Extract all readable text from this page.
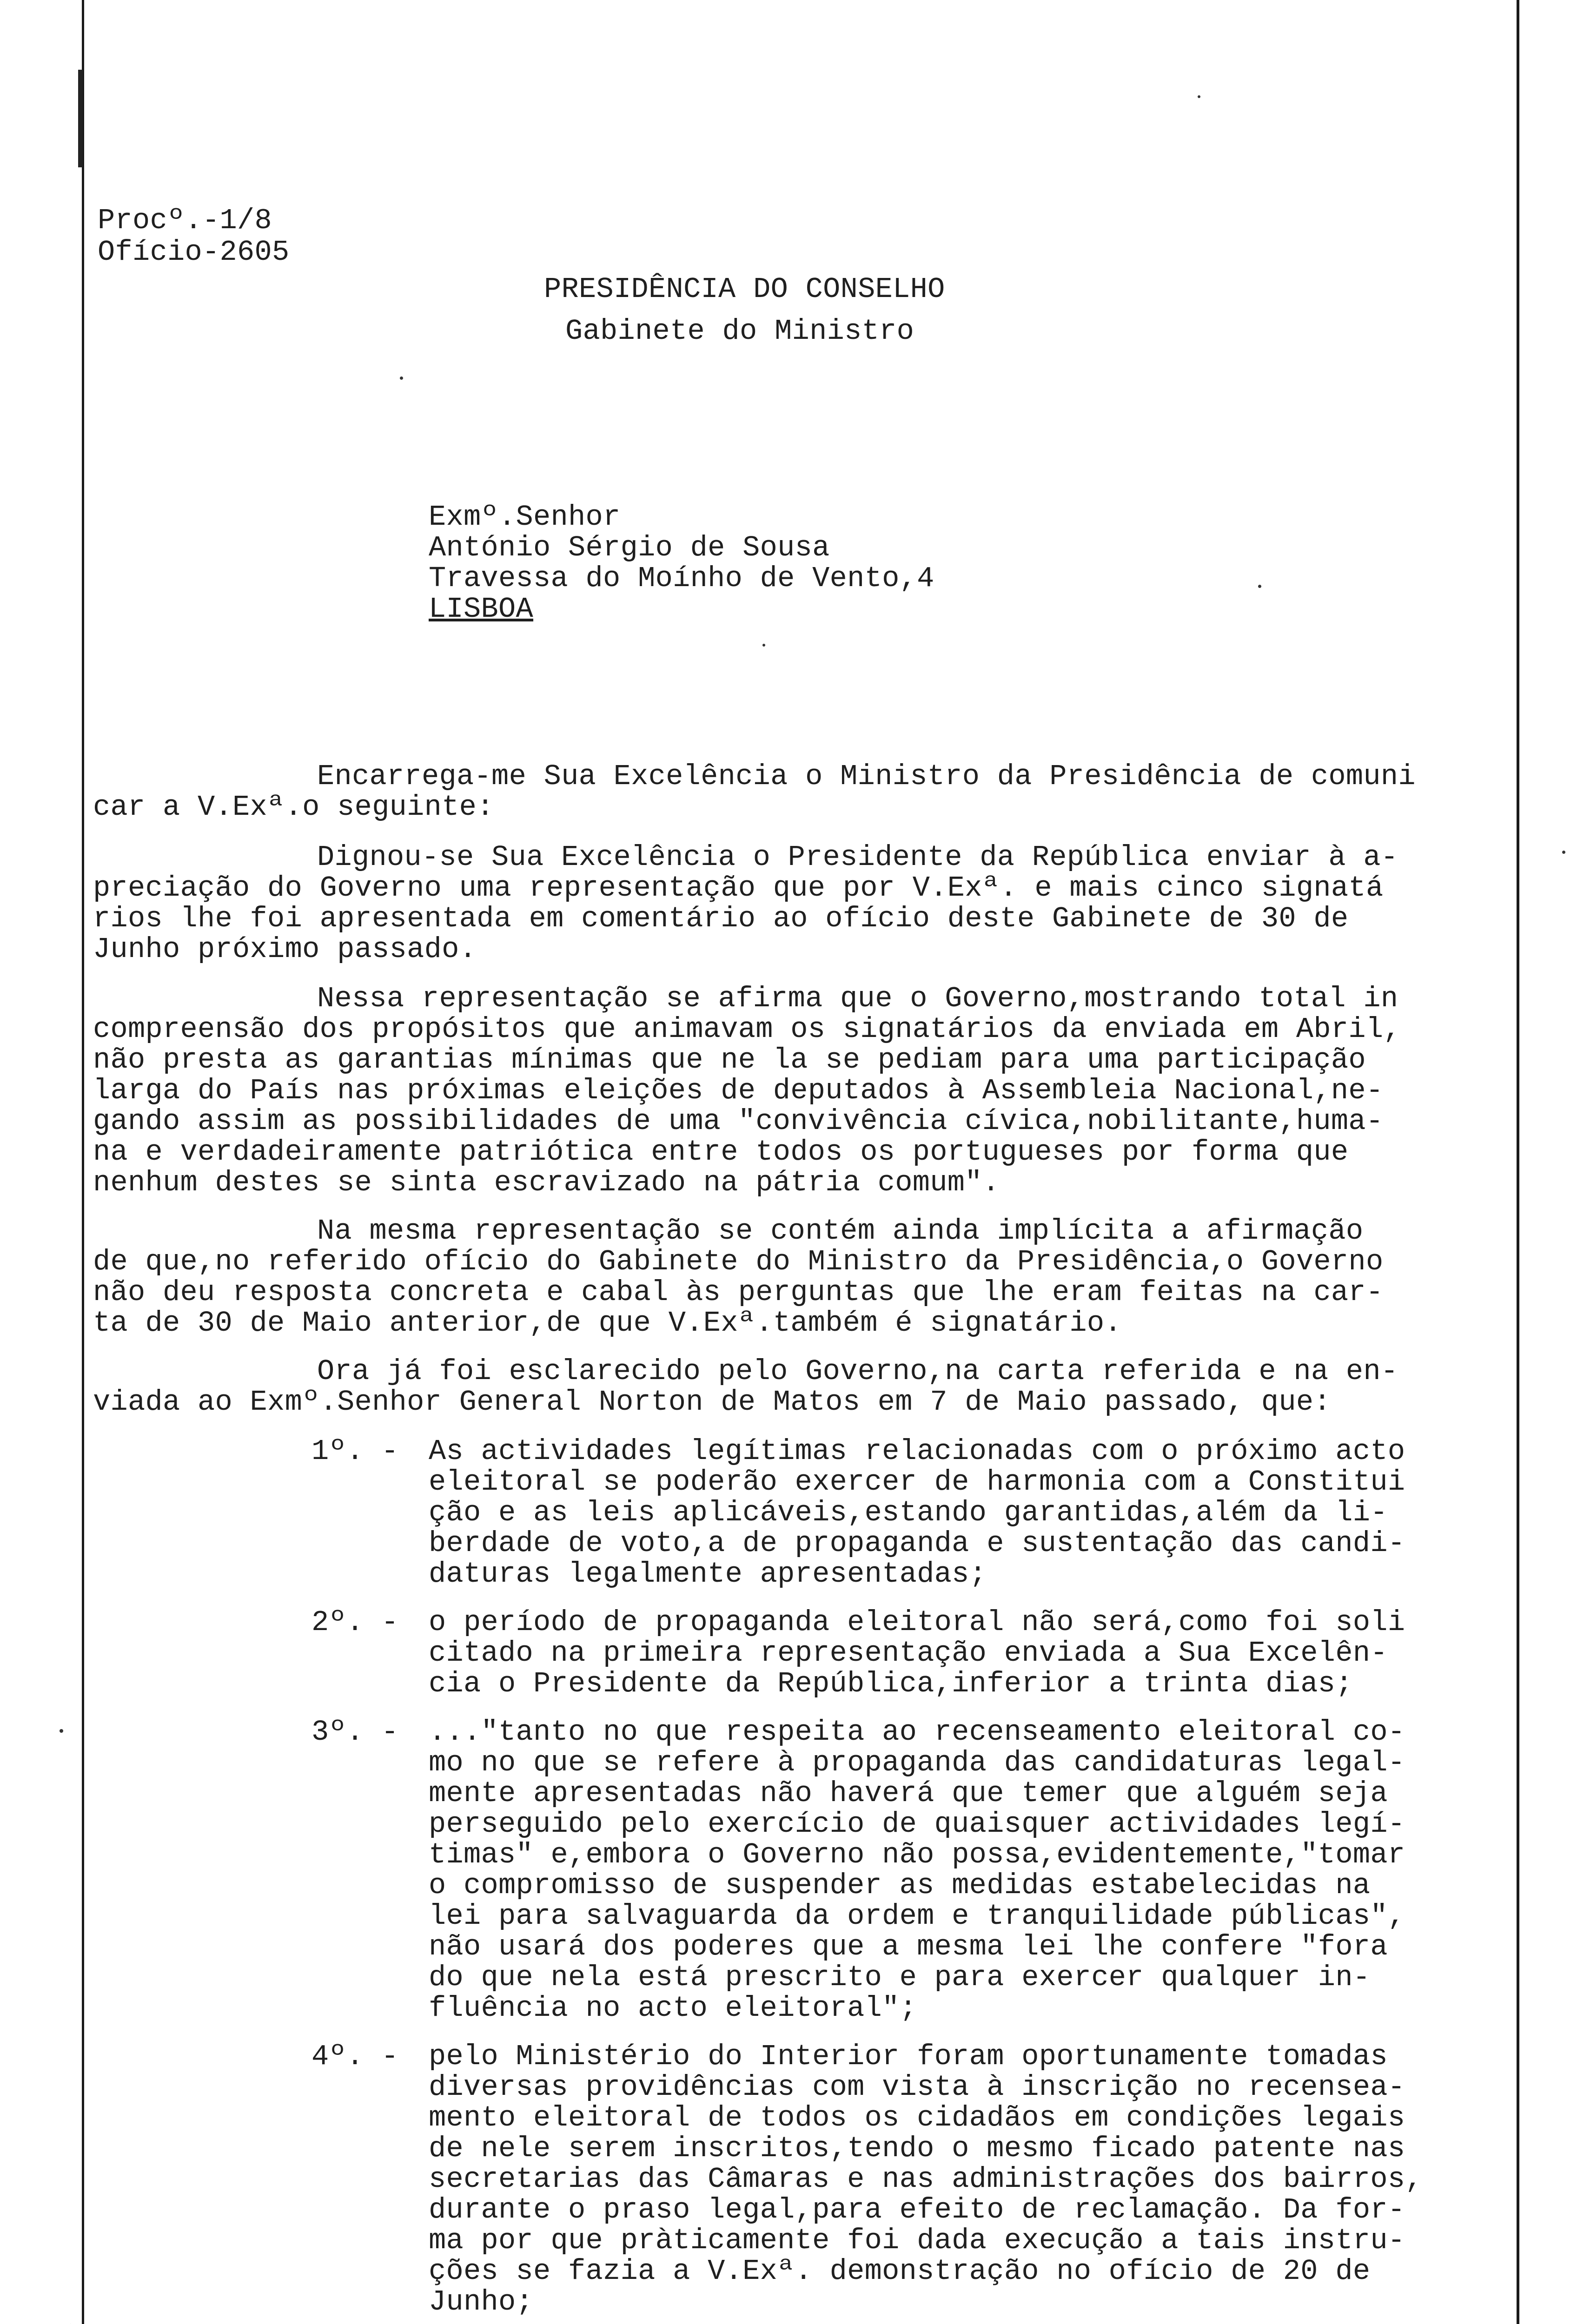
Procº.-1/8
Ofício-2605
PRESIDÊNCIA DO CONSELHO
Gabinete do Ministro
Exmº.Senhor
António Sérgio de Sousa
Travessa do Moínho de Vento,4
LISBOA
Encarrega-me Sua Excelência o Ministro da Presidência de comuni
car a V.Exª.o seguinte:
Dignou-se Sua Excelência o Presidente da República enviar à a-
preciação do Governo uma representação que por V.Exª. e mais cinco signatá
rios lhe foi apresentada em comentário ao ofício deste Gabinete de 30 de
Junho próximo passado.
Nessa representação se afirma que o Governo,mostrando total in
compreensão dos propósitos que animavam os signatários da enviada em Abril,
não presta as garantias mínimas que ne la se pediam para uma participação
larga do País nas próximas eleições de deputados à Assembleia Nacional,ne-
gando assim as possibilidades de uma "convivência cívica,nobilitante,huma-
na e verdadeiramente patriótica entre todos os portugueses por forma que
nenhum destes se sinta escravizado na pátria comum".
Na mesma representação se contém ainda implícita a afirmação
de que,no referido ofício do Gabinete do Ministro da Presidência,o Governo
não deu resposta concreta e cabal às perguntas que lhe eram feitas na car-
ta de 30 de Maio anterior,de que V.Exª.também é signatário.
Ora já foi esclarecido pelo Governo,na carta referida e na en-
viada ao Exmº.Senhor General Norton de Matos em 7 de Maio passado, que:
1º. - As actividades legítimas relacionadas com o próximo acto
eleitoral se poderão exercer de harmonia com a Constitui
ção e as leis aplicáveis,estando garantidas,além da li-
berdade de voto,a de propaganda e sustentação das candi-
daturas legalmente apresentadas;
2º. - o período de propaganda eleitoral não será,como foi soli
citado na primeira representação enviada a Sua Excelên-
cia o Presidente da República,inferior a trinta dias;
3º. - ..."tanto no que respeita ao recenseamento eleitoral co-
mo no que se refere à propaganda das candidaturas legal-
mente apresentadas não haverá que temer que alguém seja
perseguido pelo exercício de quaisquer actividades legí-
timas" e,embora o Governo não possa,evidentemente,"tomar
o compromisso de suspender as medidas estabelecidas na
lei para salvaguarda da ordem e tranquilidade públicas",
não usará dos poderes que a mesma lei lhe confere "fora
do que nela está prescrito e para exercer qualquer in-
fluência no acto eleitoral";
4º. - pelo Ministério do Interior foram oportunamente tomadas
diversas providências com vista à inscrição no recensea-
mento eleitoral de todos os cidadãos em condições legais
de nele serem inscritos,tendo o mesmo ficado patente nas
secretarias das Câmaras e nas administrações dos bairros,
durante o praso legal,para efeito de reclamação. Da for-
ma por que pràticamente foi dada execução a tais instru-
ções se fazia a V.Exª. demonstração no ofício de 20 de
Junho;
